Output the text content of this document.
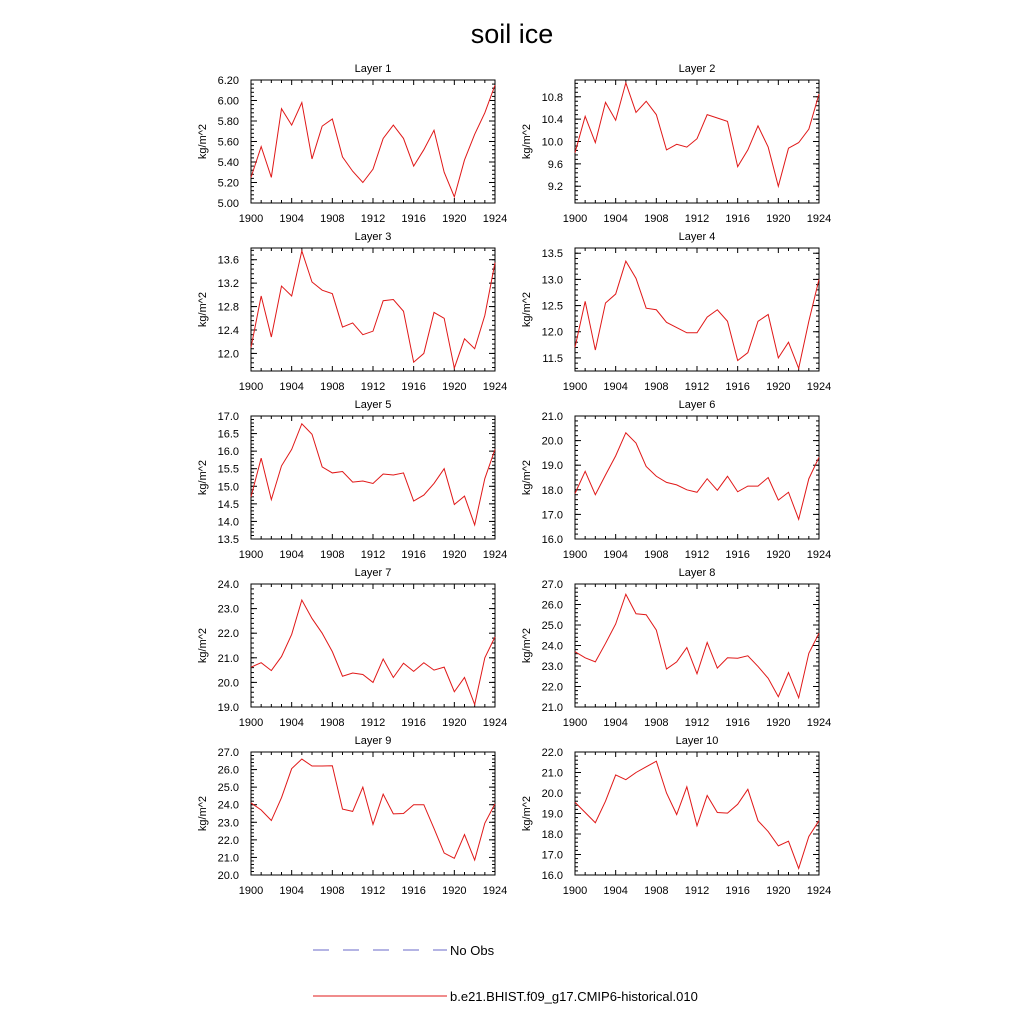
soil ice
Layer 1
kg/m^2
1900 1904 1908 1912 1916 1920 1924
5.00
5.20
5.40
5.60
5.80
6.00
6.20
Layer 2
kg/m^2
1900 1904 1908 1912 1916 1920 1924
9.2
9.6
10.0
10.4
10.8
Layer 3
kg/m^2
1900 1904 1908 1912 1916 1920 1924
12.0
12.4
12.8
13.2
13.6
Layer 4
kg/m^2
1900 1904 1908 1912 1916 1920 1924
11.5
12.0
12.5
13.0
13.5
Layer 5
kg/m^2
1900 1904 1908 1912 1916 1920 1924
13.5
14.0
14.5
15.0
15.5
16.0
16.5
17.0
Layer 6
kg/m^2
1900 1904 1908 1912 1916 1920 1924
16.0
17.0
18.0
19.0
20.0
21.0
Layer 7
kg/m^2
1900 1904 1908 1912 1916 1920 1924
19.0
20.0
21.0
22.0
23.0
24.0
Layer 8
kg/m^2
1900 1904 1908 1912 1916 1920 1924
21.0
22.0
23.0
24.0
25.0
26.0
27.0
Layer 9
kg/m^2
1900 1904 1908 1912 1916 1920 1924
20.0
21.0
22.0
23.0
24.0
25.0
26.0
27.0
Layer 10
kg/m^2
1900 1904 1908 1912 1916 1920 1924
16.0
17.0
18.0
19.0
20.0
21.0
22.0
No Obs
b.e21.BHIST.f09_g17.CMIP6-historical.010
